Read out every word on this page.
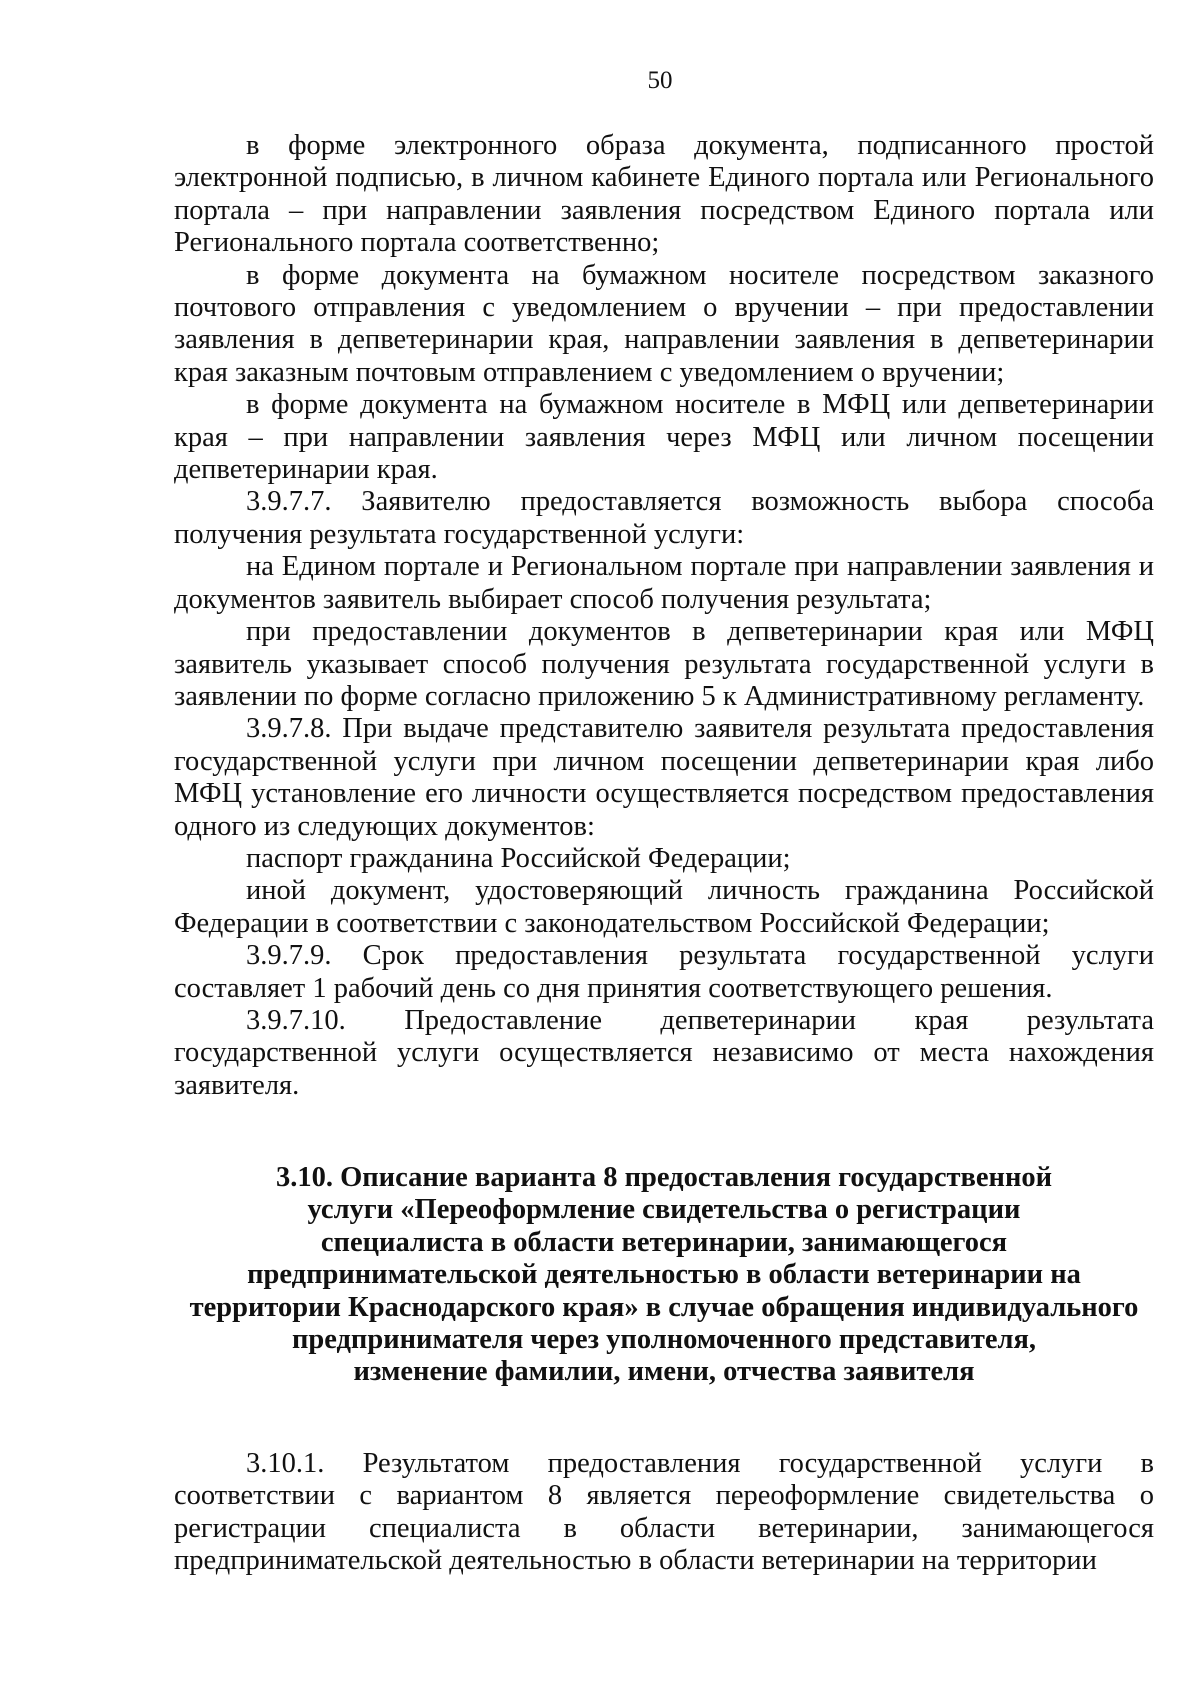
50

в форме электронного образа документа, подписанного простой электронной подписью, в личном кабинете Единого портала или Регионального портала – при направлении заявления посредством Единого портала или Регионального портала соответственно;

в форме документа на бумажном носителе посредством заказного почтового отправления с уведомлением о вручении – при предоставлении заявления в депветеринарии края, направлении заявления в депветеринарии края заказным почтовым отправлением с уведомлением о вручении;

в форме документа на бумажном носителе в МФЦ или депветеринарии края – при направлении заявления через МФЦ или личном посещении депветеринарии края.

3.9.7.7. Заявителю предоставляется возможность выбора способа получения результата государственной услуги:

на Едином портале и Региональном портале при направлении заявления и документов заявитель выбирает способ получения результата;

при предоставлении документов в депветеринарии края или МФЦ заявитель указывает способ получения результата государственной услуги в заявлении по форме согласно приложению 5 к Административному регламенту.

3.9.7.8. При выдаче представителю заявителя результата предоставления государственной услуги при личном посещении депветеринарии края либо МФЦ установление его личности осуществляется посредством предоставления одного из следующих документов:

паспорт гражданина Российской Федерации;

иной документ, удостоверяющий личность гражданина Российской Федерации в соответствии с законодательством Российской Федерации;

3.9.7.9. Срок предоставления результата государственной услуги составляет 1 рабочий день со дня принятия соответствующего решения.

3.9.7.10. Предоставление депветеринарии края результата государственной услуги осуществляется независимо от места нахождения заявителя.

3.10. Описание варианта 8 предоставления государственной
услуги «Переоформление свидетельства о регистрации
специалиста в области ветеринарии, занимающегося
предпринимательской деятельностью в области ветеринарии на
территории Краснодарского края» в случае обращения индивидуального
предпринимателя через уполномоченного представителя,
изменение фамилии, имени, отчества заявителя

3.10.1. Результатом предоставления государственной услуги в соответствии с вариантом 8 является переоформление свидетельства о регистрации специалиста в области ветеринарии, занимающегося предпринимательской деятельностью в области ветеринарии на территории
